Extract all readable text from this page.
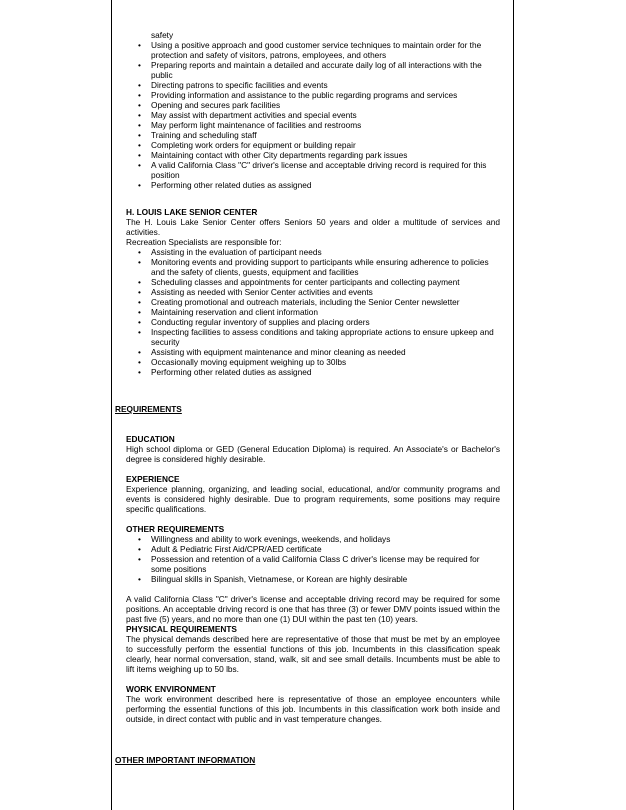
safety
• Using a positive approach and good customer service techniques to maintain order for the protection and safety of visitors, patrons, employees, and others
• Preparing reports and maintain a detailed and accurate daily log of all interactions with the public
• Directing patrons to specific facilities and events
• Providing information and assistance to the public regarding programs and services
• Opening and secures park facilities
• May assist with department activities and special events
• May perform light maintenance of facilities and restrooms
• Training and scheduling staff
• Completing work orders for equipment or building repair
• Maintaining contact with other City departments regarding park issues
• A valid California Class "C" driver's license and acceptable driving record is required for this position
• Performing other related duties as assigned
H. LOUIS LAKE SENIOR CENTER
The H. Louis Lake Senior Center offers Seniors 50 years and older a multitude of services and activities.
Recreation Specialists are responsible for:
• Assisting in the evaluation of participant needs
• Monitoring events and providing support to participants while ensuring adherence to policies and the safety of clients, guests, equipment and facilities
• Scheduling classes and appointments for center participants and collecting payment
• Assisting as needed with Senior Center activities and events
• Creating promotional and outreach materials, including the Senior Center newsletter
• Maintaining reservation and client information
• Conducting regular inventory of supplies and placing orders
• Inspecting facilities to assess conditions and taking appropriate actions to ensure upkeep and security
• Assisting with equipment maintenance and minor cleaning as needed
• Occasionally moving equipment weighing up to 30lbs
• Performing other related duties as assigned
REQUIREMENTS
EDUCATION
High school diploma or GED (General Education Diploma) is required. An Associate's or Bachelor's degree is considered highly desirable.
EXPERIENCE
Experience planning, organizing, and leading social, educational, and/or community programs and events is considered highly desirable. Due to program requirements, some positions may require specific qualifications.
OTHER REQUIREMENTS
• Willingness and ability to work evenings, weekends, and holidays
• Adult & Pediatric First Aid/CPR/AED certificate
• Possession and retention of a valid California Class C driver's license may be required for some positions
• Bilingual skills in Spanish, Vietnamese, or Korean are highly desirable
A valid California Class "C" driver's license and acceptable driving record may be required for some positions. An acceptable driving record is one that has three (3) or fewer DMV points issued within the past five (5) years, and no more than one (1) DUI within the past ten (10) years.
PHYSICAL REQUIREMENTS
The physical demands described here are representative of those that must be met by an employee to successfully perform the essential functions of this job. Incumbents in this classification speak clearly, hear normal conversation, stand, walk, sit and see small details. Incumbents must be able to lift items weighing up to 50 lbs.
WORK ENVIRONMENT
The work environment described here is representative of those an employee encounters while performing the essential functions of this job. Incumbents in this classification work both inside and outside, in direct contact with public and in vast temperature changes.
OTHER IMPORTANT INFORMATION
